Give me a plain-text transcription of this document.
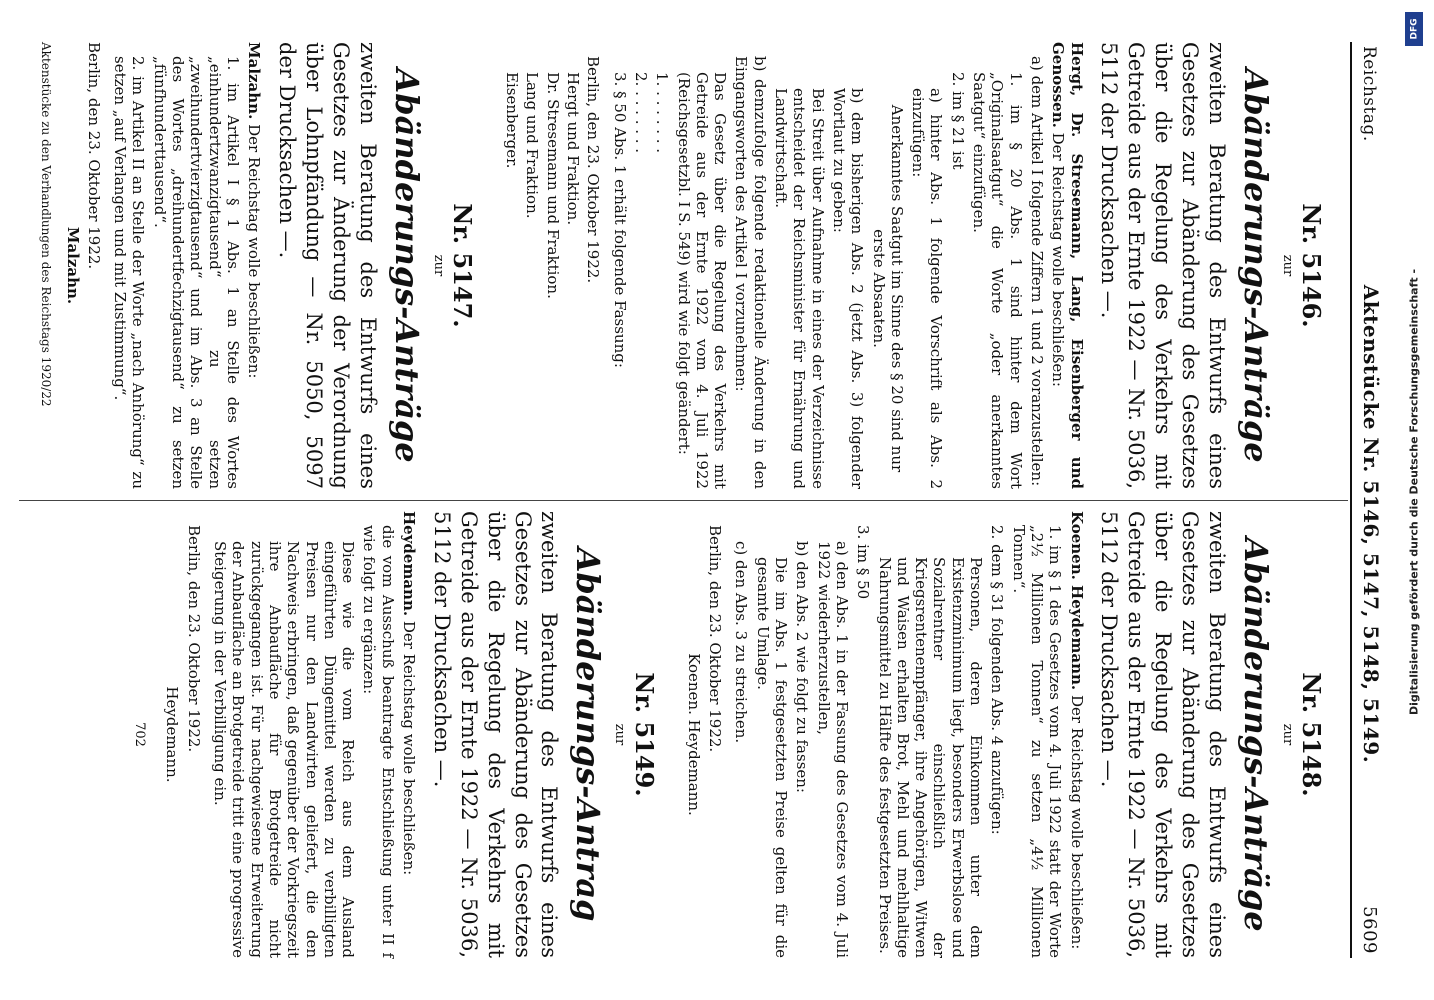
Reichstag.
Aktenstücke Nr. 5146, 5147, 5148, 5149.
5609
Nr. 5146.
zur
Abänderungs-Anträge
zweiten Beratung des Entwurfs eines Gesetzes zur Abänderung des Gesetzes über die Regelung des Verkehrs mit Getreide aus der Ernte 1922 — Nr. 5036, 5112 der Drucksachen —.

Hergt, Dr. Stresemann, Lang, Eisenberger und Genossen. Der Reichstag wolle beschließen:

a) dem Artikel I folgende Ziffern 1 und 2 voranzustellen:

1. im § 20 Abs. 1 sind hinter dem Wort „Originalsaatgut“ die Worte „oder anerkanntes Saatgut“ einzufügen.

2. im § 21 ist

a) hinter Abs. 1 folgende Vorschrift als Abs. 2 einzufügen:

Anerkanntes Saatgut im Sinne des § 20 sind nur erste Absaaten.

b) dem bisherigen Abs. 2 (jetzt Abs. 3) folgender Wortlaut zu geben:

Bei Streit über Aufnahme in eines der Verzeichnisse entscheidet der Reichsminister für Ernährung und Landwirtschaft.

b) demzufolge folgende redaktionelle Änderung in den Eingangsworten des Artikel I vorzunehmen:

Das Gesetz über die Regelung des Verkehrs mit Getreide aus der Ernte 1922 vom 4. Juli 1922 (Reichsgesetzbl. I S. 549) wird wie folgt geändert:

1. . . . . . . .

2. . . . . . . .

3. § 50 Abs. 1 erhält folgende Fassung:

Berlin, den 23. Oktober 1922.

Hergt und Fraktion.
Dr. Stresemann und Fraktion.
Lang und Fraktion.
Eisenberger.
Nr. 5147.
zur
Abänderungs-Anträge
zweiten Beratung des Entwurfs eines Gesetzes zur Änderung der Verordnung über Lohnpfändung — Nr. 5050, 5097 der Drucksachen —.

Malzahn. Der Reichstag wolle beschließen:

1. im Artikel I § 1 Abs. 1 an Stelle des Wortes „einhundertzwanzigtausend“ zu setzen „zweihundertvierzigtausend“ und im Abs. 3 an Stelle des Wortes „dreihundertfechzigtausend“ zu setzen „fünfhunderttausend“.

2. im Artikel II an Stelle der Worte „nach Anhörung“ zu setzen „auf Verlangen und mit Zustimmung“.

Berlin, den 23. Oktober 1922.

Malzahn.

Aktenstücke zu den Verhandlungen des Reichstags 1920/22
Nr. 5148.
zur
Abänderungs-Anträge
zweiten Beratung des Entwurfs eines Gesetzes zur Abänderung des Gesetzes über die Regelung des Verkehrs mit Getreide aus der Ernte 1922 — Nr. 5036, 5112 der Drucksachen —.

Koenen. Heydemann. Der Reichstag wolle beschließen:

1. im § 1 des Gesetzes vom 4. Juli 1922 statt der Worte „2½ Millionen Tonnen“ zu setzen „4½ Millionen Tonnen“.

2. dem § 31 folgenden Abs. 4 anzufügen:

Personen, deren Einkommen unter dem Existenzminimum liegt, besonders Erwerbslose und Sozialrentner einschließlich der Kriegsrentenempfänger, ihre Angehörigen, Witwen und Waisen erhalten Brot, Mehl und mehlhaltige Nahrungsmittel zu Hälfte des festgesetzten Preises.

3. im § 50

a) den Abs. 1 in der Fassung des Gesetzes vom 4. Juli 1922 wiederherzustellen,

b) den Abs. 2 wie folgt zu fassen:

Die im Abs. 1 festgesetzten Preise gelten für die gesamte Umlage.

c) den Abs. 3 zu streichen.

Berlin, den 23. Oktober 1922.

Koenen. Heydemann.

Nr. 5149.
zur
Abänderungs-Antrag
zweiten Beratung des Entwurfs eines Gesetzes zur Abänderung des Gesetzes über die Regelung des Verkehrs mit Getreide aus der Ernte 1922 — Nr. 5036, 5112 der Drucksachen —.

Heydemann. Der Reichstag wolle beschließen:

die vom Ausschuß beantragte Entschließung unter II f wie folgt zu ergänzen:

Diese wie die vom Reich aus dem Ausland eingeführten Düngemittel werden zu verbilligten Preisen nur den Landwirten geliefert, die den Nachweis erbringen, daß gegenüber der Vorkriegszeit ihre Anbaufläche für Brotgetreide nicht zurückgegangen ist. Für nachgewiesene Erweiterung der Anbaufläche an Brotgetreide tritt eine progressive Steigerung in der Verbilligung ein.

Berlin, den 23. Oktober 1922.

Heydemann.

702
DFG
Digitalisierung gefördert durch die Deutsche Forschungsgemeinschaft -
